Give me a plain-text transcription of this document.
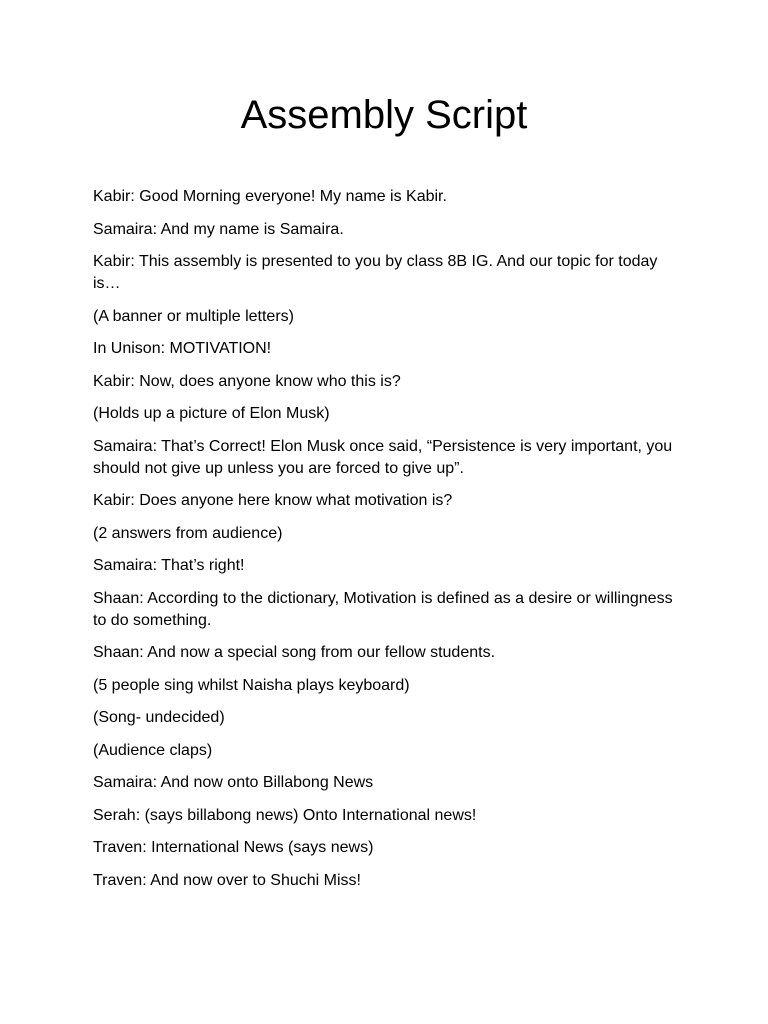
Assembly Script

Kabir: Good Morning everyone! My name is Kabir.

Samaira: And my name is Samaira.

Kabir: This assembly is presented to you by class 8B IG. And our topic for today is…

(A banner or multiple letters)

In Unison: MOTIVATION!

Kabir: Now, does anyone know who this is?

(Holds up a picture of Elon Musk)

Samaira: That’s Correct! Elon Musk once said, “Persistence is very important, you should not give up unless you are forced to give up”.

Kabir: Does anyone here know what motivation is?

(2 answers from audience)

Samaira: That’s right!

Shaan: According to the dictionary, Motivation is defined as a desire or willingness to do something.

Shaan: And now a special song from our fellow students.

(5 people sing whilst Naisha plays keyboard)

(Song- undecided)

(Audience claps)

Samaira: And now onto Billabong News

Serah: (says billabong news) Onto International news!

Traven: International News (says news)

Traven: And now over to Shuchi Miss!
